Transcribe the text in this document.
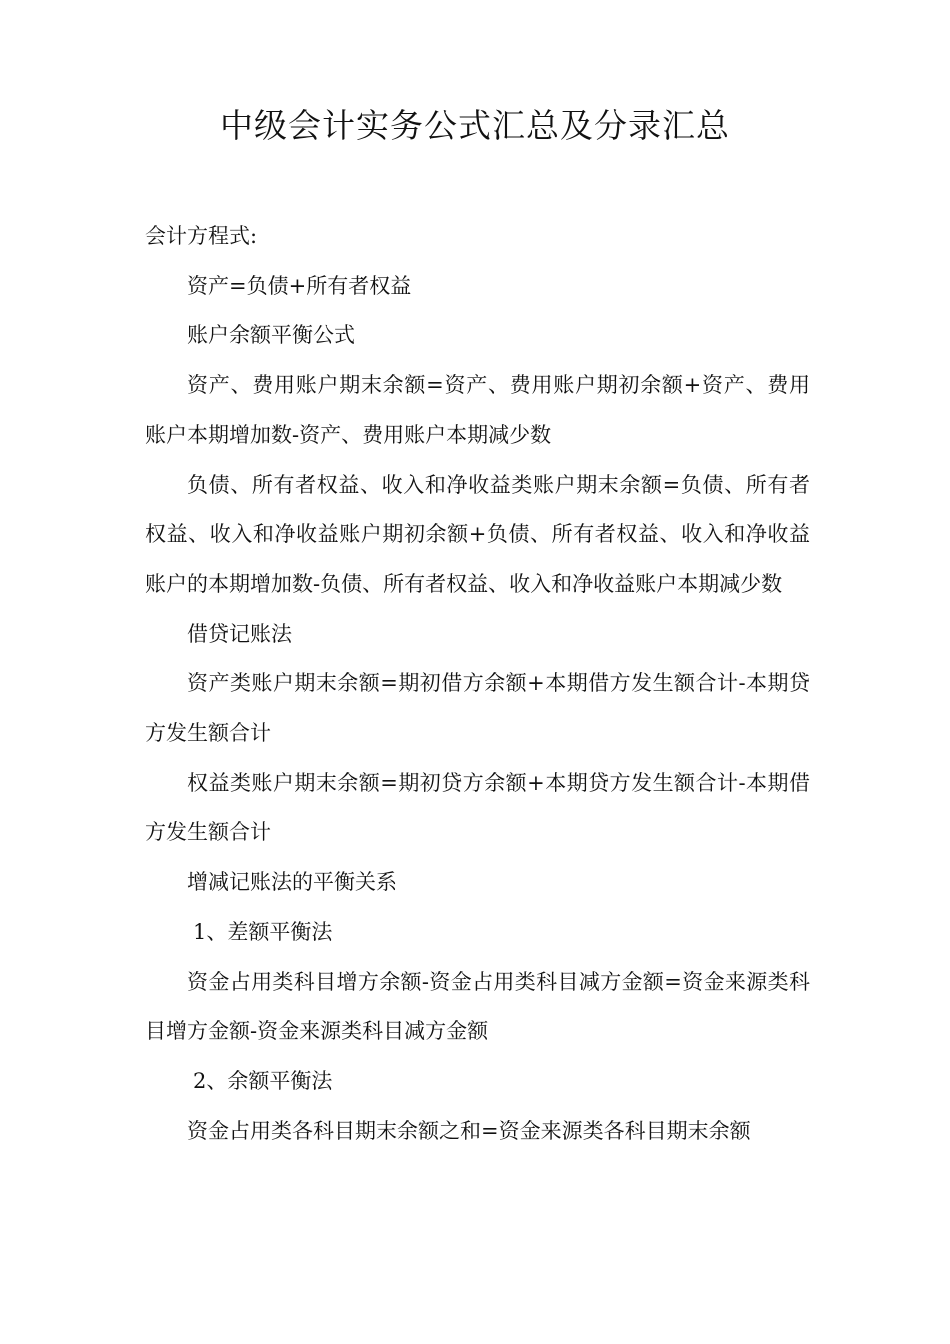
中级会计实务公式汇总及分录汇总

会计方程式:

资产=负债+所有者权益

账户余额平衡公式

资产、费用账户期末余额=资产、费用账户期初余额+资产、费用账户本期增加数-资产、费用账户本期减少数

负债、所有者权益、收入和净收益类账户期末余额=负债、所有者权益、收入和净收益账户期初余额+负债、所有者权益、收入和净收益账户的本期增加数-负债、所有者权益、收入和净收益账户本期减少数

借贷记账法

资产类账户期末余额=期初借方余额+本期借方发生额合计-本期贷方发生额合计

权益类账户期末余额=期初贷方余额+本期贷方发生额合计-本期借方发生额合计

增减记账法的平衡关系

1、差额平衡法

资金占用类科目增方余额-资金占用类科目减方金额=资金来源类科目增方金额-资金来源类科目减方金额

2、余额平衡法

资金占用类各科目期末余额之和=资金来源类各科目期末余额
